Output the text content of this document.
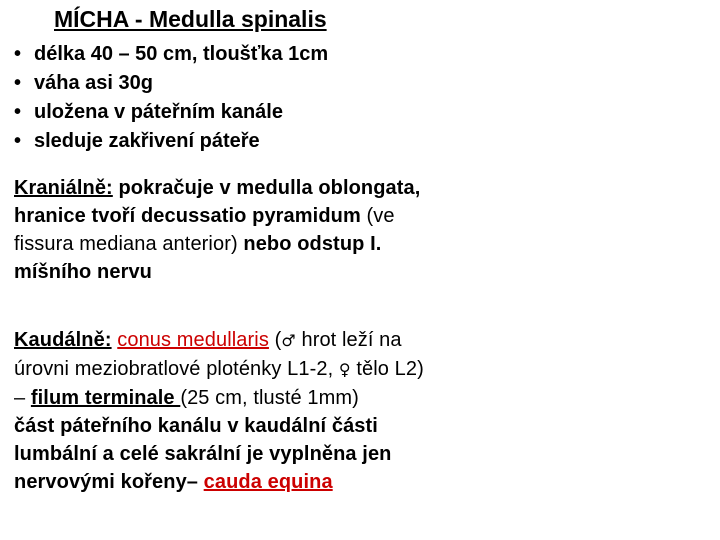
MÍCHA - Medulla spinalis
• délka 40 – 50 cm, tloušťka 1cm
• váha asi 30g
• uložena v páteřním kanále
• sleduje zakřivení páteře
Kraniálně: pokračuje v medulla oblongata,
hranice tvoří decussatio pyramidum (ve
fissura mediana anterior) nebo odstup I.
míšního nervu
Kaudálně: conus medullaris (♂ hrot leží na
úrovni meziobratlové ploténky L1-2, ♀ tělo L2)
– filum terminale (25 cm, tlusté 1mm)
část páteřního kanálu v kaudální části
lumbální a celé sakrální je vyplněna jen
nervovými kořeny– cauda equina
